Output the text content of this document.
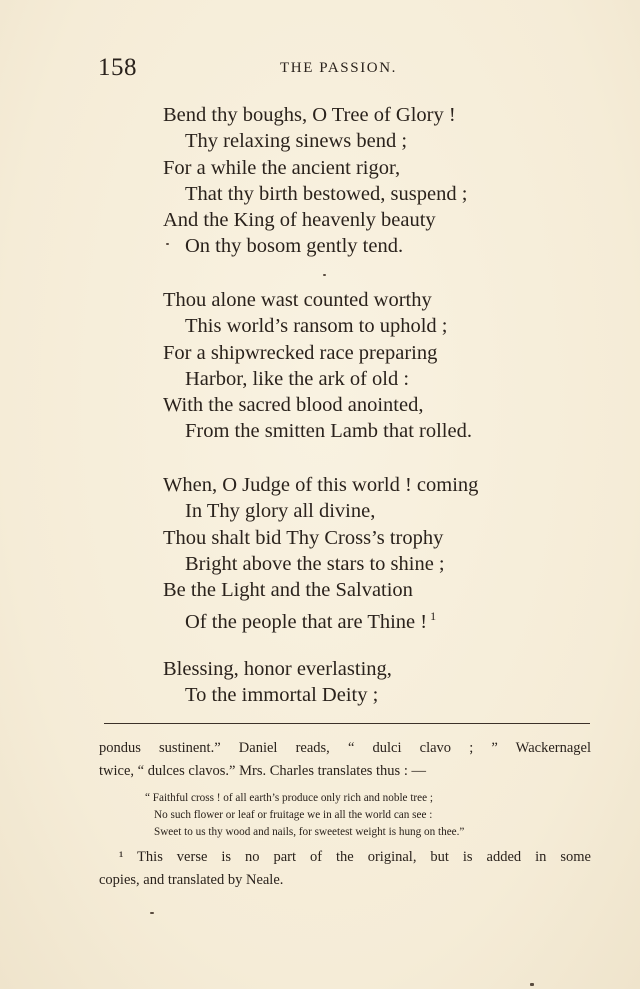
158	THE PASSION.
Bend thy boughs, O Tree of Glory !
Thy relaxing sinews bend ;
For a while the ancient rigor,
That thy birth bestowed, suspend ;
And the King of heavenly beauty
On thy bosom gently tend.
Thou alone wast counted worthy
This world’s ransom to uphold ;
For a shipwrecked race preparing
Harbor, like the ark of old :
With the sacred blood anointed,
From the smitten Lamb that rolled.
When, O Judge of this world ! coming
In Thy glory all divine,
Thou shalt bid Thy Cross’s trophy
Bright above the stars to shine ;
Be the Light and the Salvation
Of the people that are Thine ! $^1$
Blessing, honor everlasting,
To the immortal Deity ;
pondus sustinent.” Daniel reads, “ dulci clavo ; ” Wackernagel
twice, “ dulces clavos.” Mrs. Charles translates thus : —
“ Faithful cross ! of all earth’s produce only rich and noble tree ;
No such flower or leaf or fruitage we in all the world can see :
Sweet to us thy wood and nails, for sweetest weight is hung on thee.”
¹ This verse is no part of the original, but is added in some
copies, and translated by Neale.
